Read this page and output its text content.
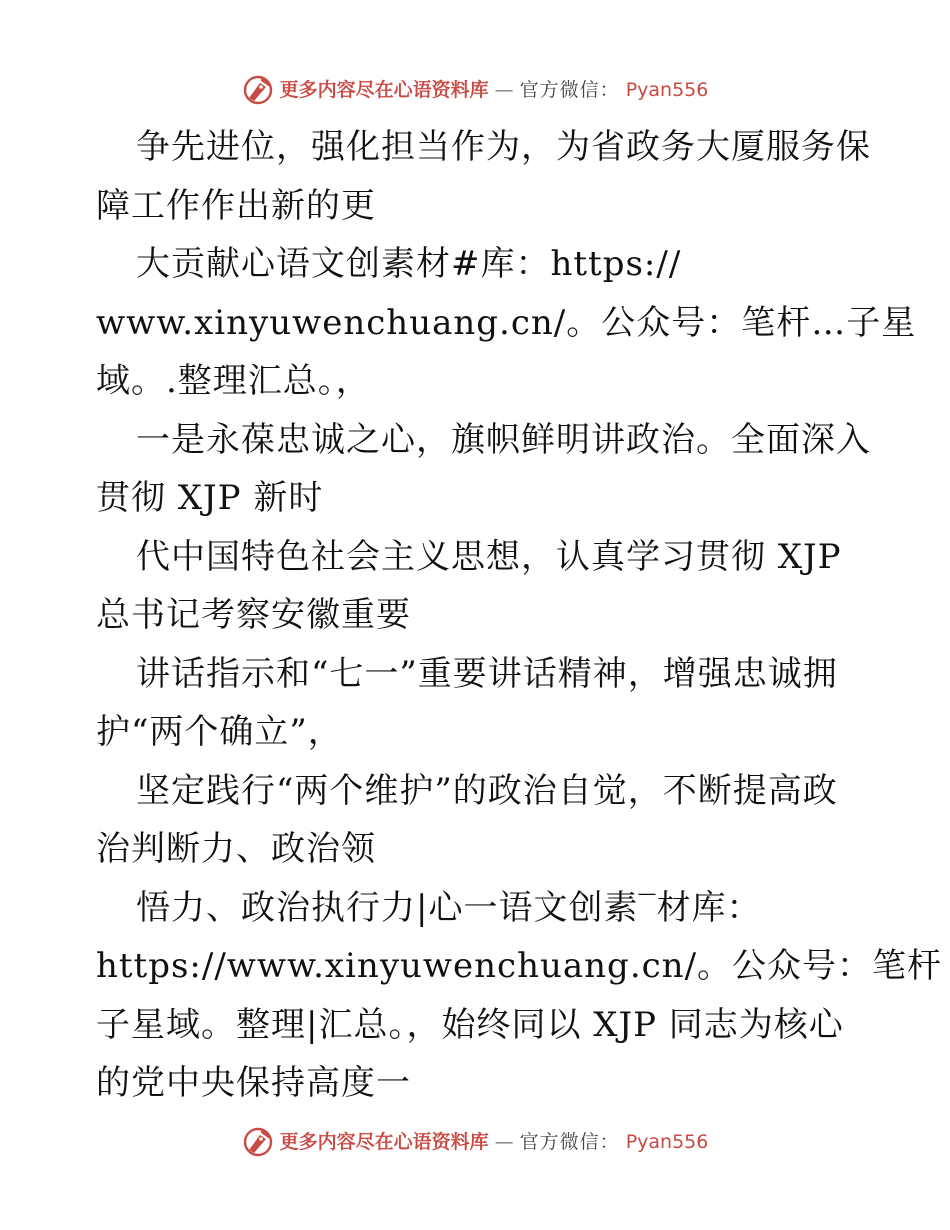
更多内容尽在心语资料库 — 官方微信： Pyan556
争先进位，强化担当作为，为省政务大厦服务保
障工作作出新的更
大贡献心语文创素材#库：https://
www.xinyuwenchuang.cn/。公众号：笔杆…子星
域。.整理汇总。，
一是永葆忠诚之心，旗帜鲜明讲政治。全面深入
贯彻 XJP 新时
代中国特色社会主义思想，认真学习贯彻 XJP
总书记考察安徽重要
讲话指示和“七一”重要讲话精神，增强忠诚拥
护“两个确立”，
坚定践行“两个维护”的政治自觉，不断提高政
治判断力、政治领
悟力、政治执行力|心一语文创素‾材库：
https://www.xinyuwenchuang.cn/。公众号：笔杆
子星域。整理|汇总。，始终同以 XJP 同志为核心
的党中央保持高度一
更多内容尽在心语资料库 — 官方微信： Pyan556
